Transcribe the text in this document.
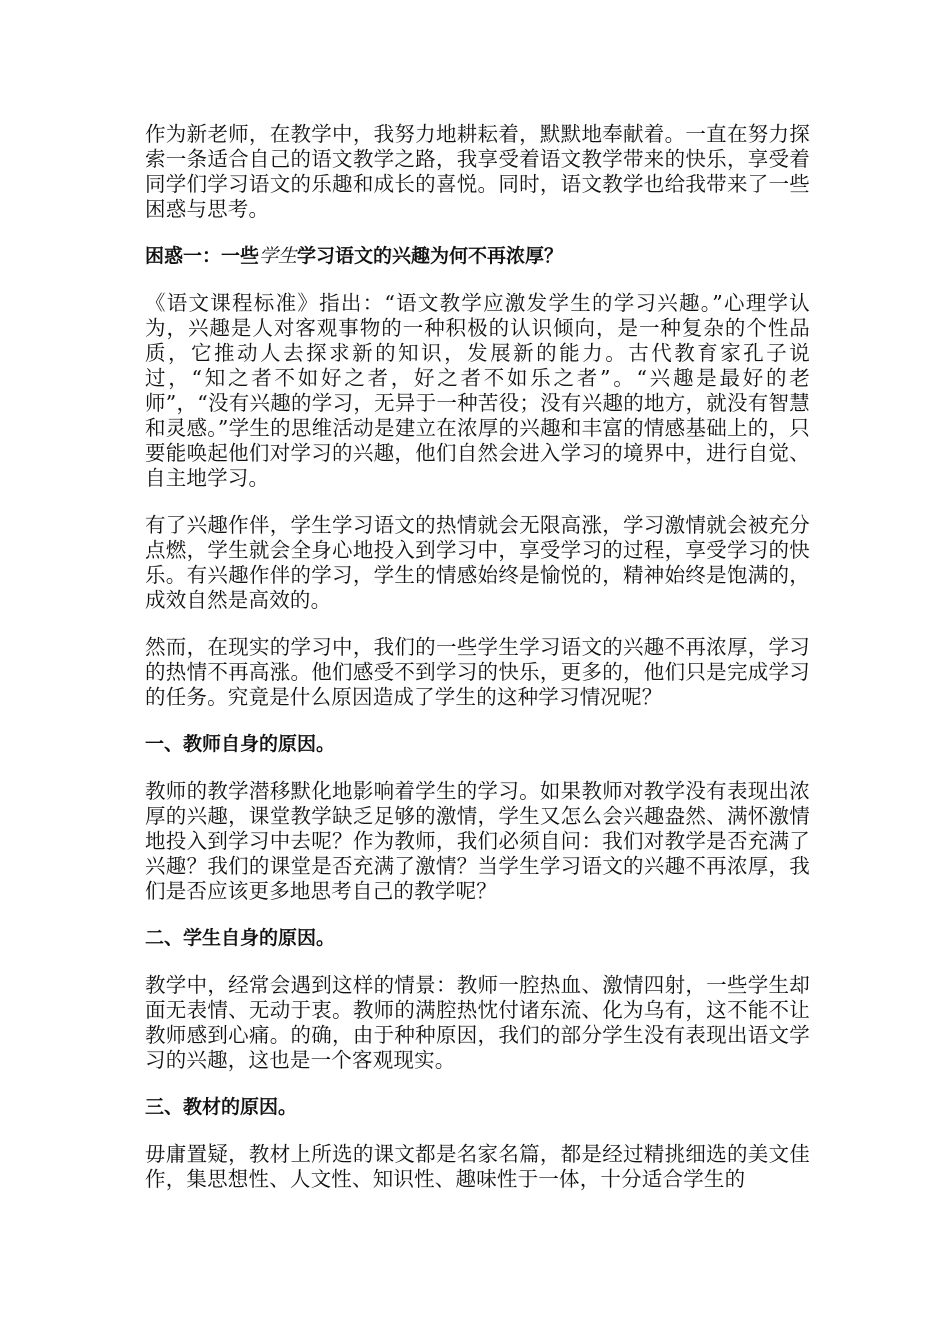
作为新老师，在教学中，我努力地耕耘着，默默地奉献着。一直在努力探索一条适合自己的语文教学之路，我享受着语文教学带来的快乐，享受着同学们学习语文的乐趣和成长的喜悦。同时，语文教学也给我带来了一些困惑与思考。

困惑一：一些学生学习语文的兴趣为何不再浓厚？

《语文课程标准》指出：“语文教学应激发学生的学习兴趣。”心理学认为，兴趣是人对客观事物的一种积极的认识倾向，是一种复杂的个性品质，它推动人去探求新的知识，发展新的能力。古代教育家孔子说过，“知之者不如好之者，好之者不如乐之者”。“兴趣是最好的老师”，“没有兴趣的学习，无异于一种苦役；没有兴趣的地方，就没有智慧和灵感。”学生的思维活动是建立在浓厚的兴趣和丰富的情感基础上的，只要能唤起他们对学习的兴趣，他们自然会进入学习的境界中，进行自觉、自主地学习。

有了兴趣作伴，学生学习语文的热情就会无限高涨，学习激情就会被充分点燃，学生就会全身心地投入到学习中，享受学习的过程，享受学习的快乐。有兴趣作伴的学习，学生的情感始终是愉悦的，精神始终是饱满的，成效自然是高效的。

然而，在现实的学习中，我们的一些学生学习语文的兴趣不再浓厚，学习的热情不再高涨。他们感受不到学习的快乐，更多的，他们只是完成学习的任务。究竟是什么原因造成了学生的这种学习情况呢？

一、教师自身的原因。

教师的教学潜移默化地影响着学生的学习。如果教师对教学没有表现出浓厚的兴趣，课堂教学缺乏足够的激情，学生又怎么会兴趣盎然、满怀激情地投入到学习中去呢？作为教师，我们必须自问：我们对教学是否充满了兴趣？我们的课堂是否充满了激情？当学生学习语文的兴趣不再浓厚，我们是否应该更多地思考自己的教学呢？

二、学生自身的原因。

教学中，经常会遇到这样的情景：教师一腔热血、激情四射，一些学生却面无表情、无动于衷。教师的满腔热忱付诸东流、化为乌有，这不能不让教师感到心痛。的确，由于种种原因，我们的部分学生没有表现出语文学习的兴趣，这也是一个客观现实。

三、教材的原因。

毋庸置疑，教材上所选的课文都是名家名篇，都是经过精挑细选的美文佳作，集思想性、人文性、知识性、趣味性于一体，十分适合学生的
